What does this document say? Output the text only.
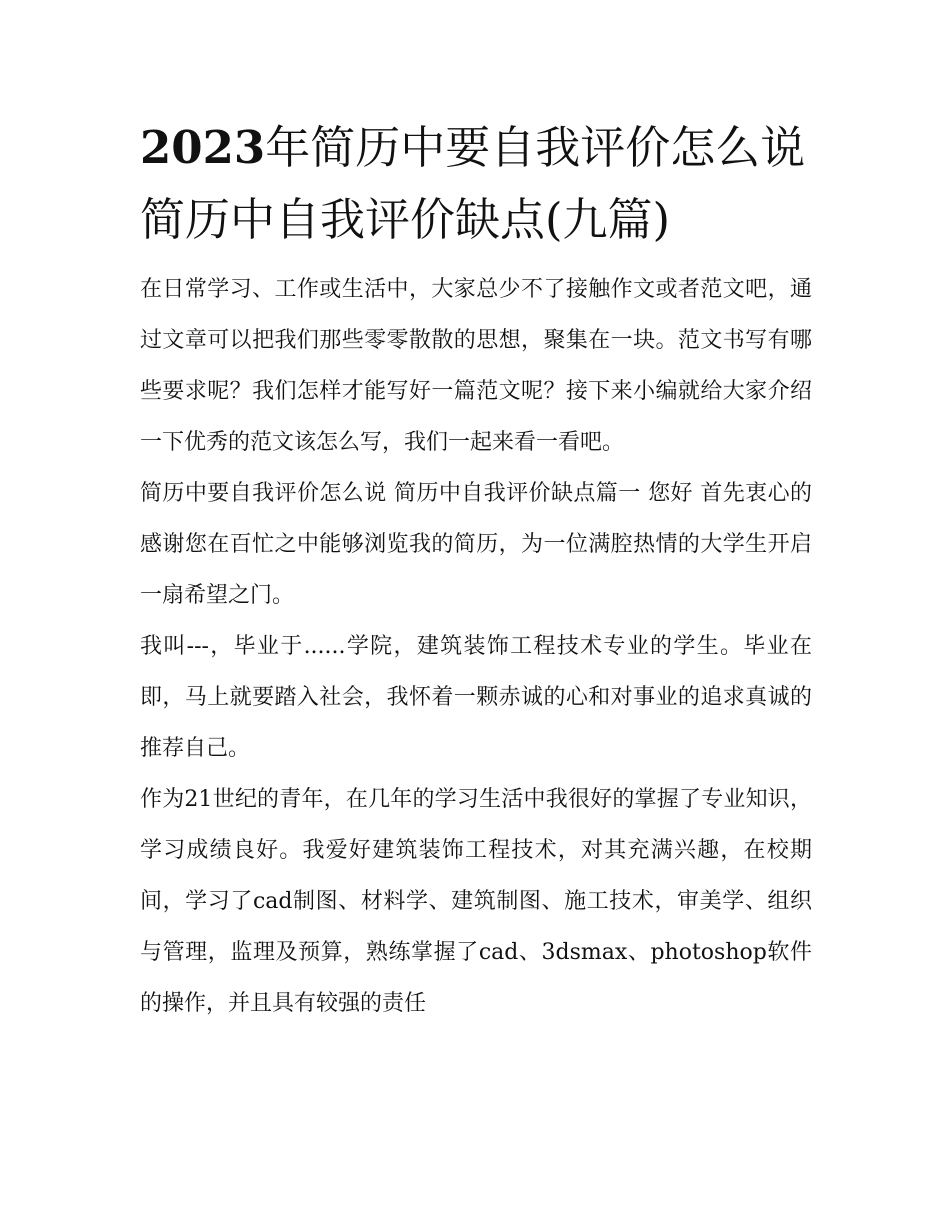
2023年简历中要自我评价怎么说 简历中自我评价缺点(九篇)

在日常学习、工作或生活中，大家总少不了接触作文或者范文吧，通过文章可以把我们那些零零散散的思想，聚集在一块。范文书写有哪些要求呢？我们怎样才能写好一篇范文呢？接下来小编就给大家介绍一下优秀的范文该怎么写，我们一起来看一看吧。

简历中要自我评价怎么说 简历中自我评价缺点篇一 您好 首先衷心的感谢您在百忙之中能够浏览我的简历，为一位满腔热情的大学生开启一扇希望之门。

我叫---，毕业于......学院，建筑装饰工程技术专业的学生。毕业在即，马上就要踏入社会，我怀着一颗赤诚的心和对事业的追求真诚的推荐自己。

作为21世纪的青年，在几年的学习生活中我很好的掌握了专业知识，学习成绩良好。我爱好建筑装饰工程技术，对其充满兴趣，在校期间，学习了cad制图、材料学、建筑制图、施工技术，审美学、组织与管理，监理及预算，熟练掌握了cad、3dsmax、photoshop软件的操作，并且具有较强的责任
